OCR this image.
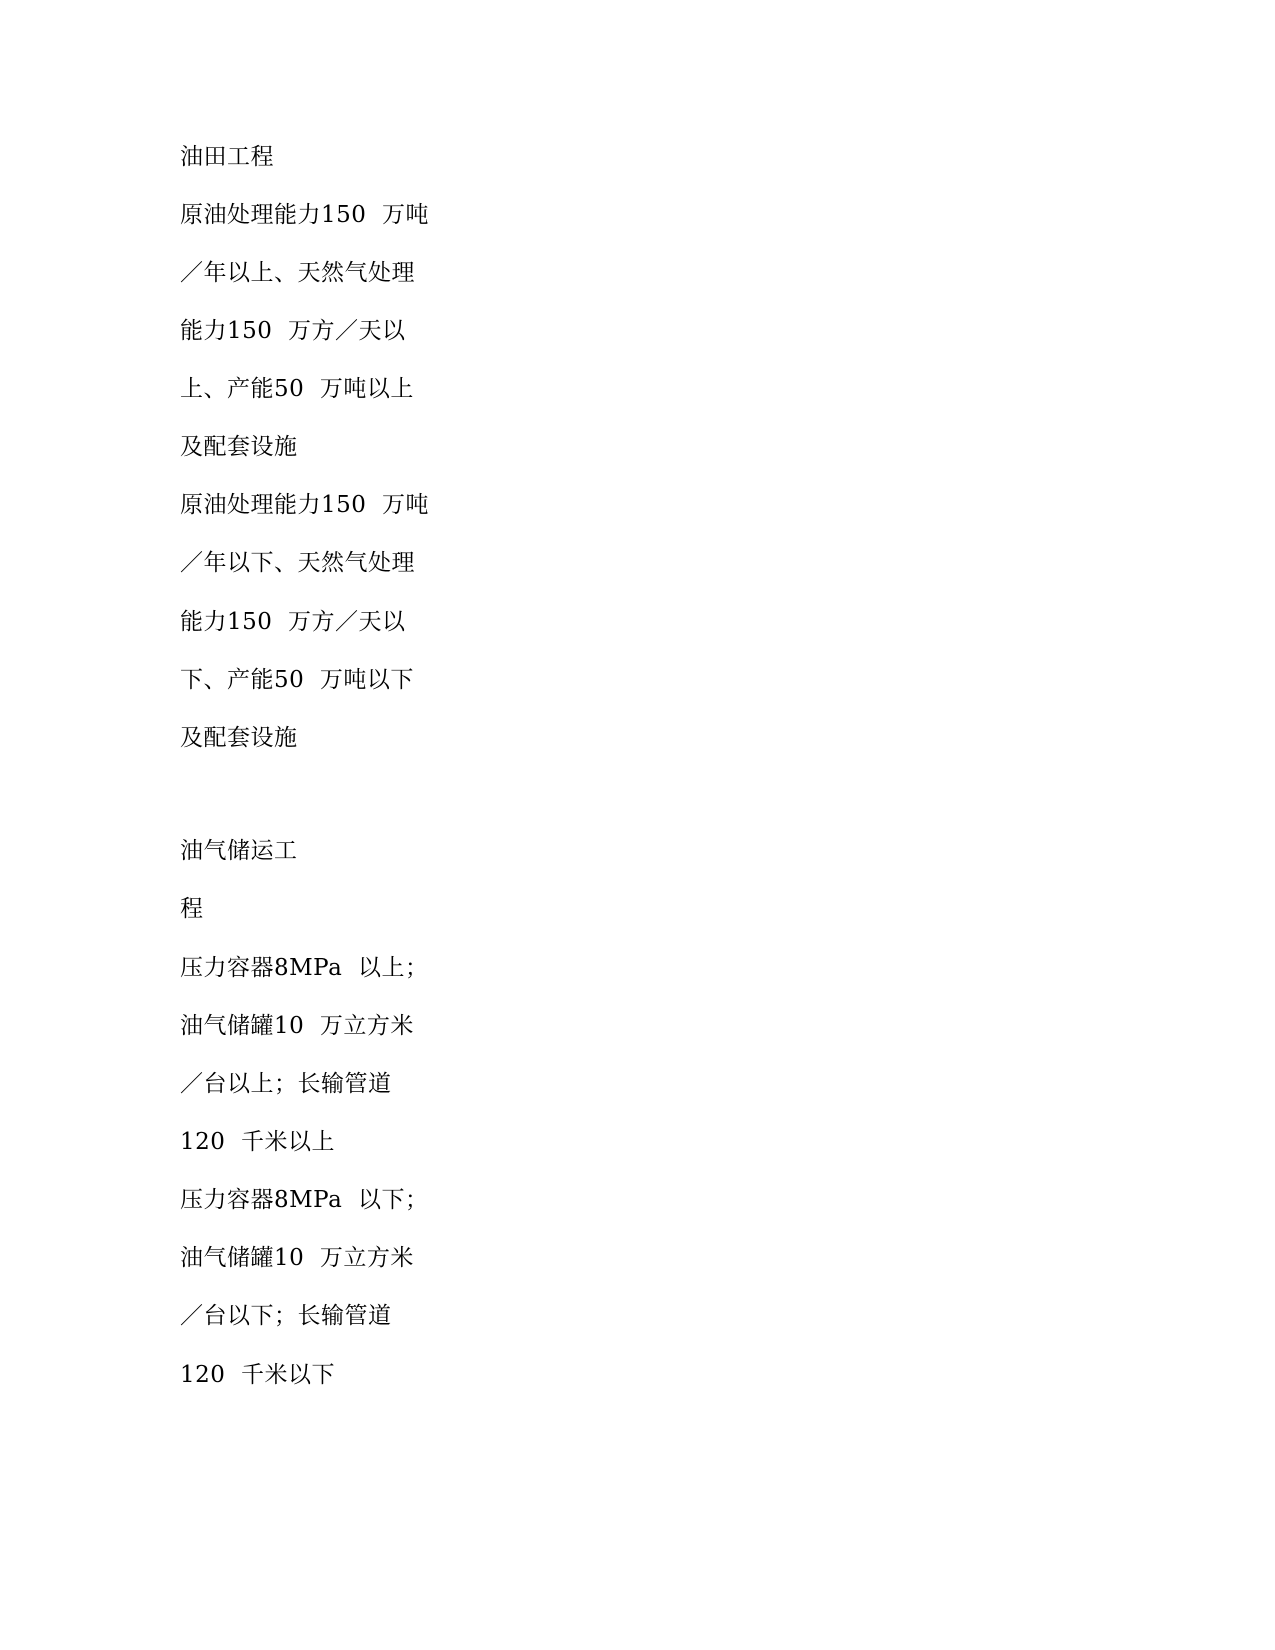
油田工程
原油处理能力150  万吨
／年以上、天然气处理
能力150  万方／天以
上、产能50  万吨以上
及配套设施
原油处理能力150  万吨
／年以下、天然气处理
能力150  万方／天以
下、产能50  万吨以下
及配套设施
油气储运工
程
压力容器8MPa  以上；
油气储罐10  万立方米
／台以上；长输管道
120  千米以上
压力容器8MPa  以下；
油气储罐10  万立方米
／台以下；长输管道
120  千米以下
